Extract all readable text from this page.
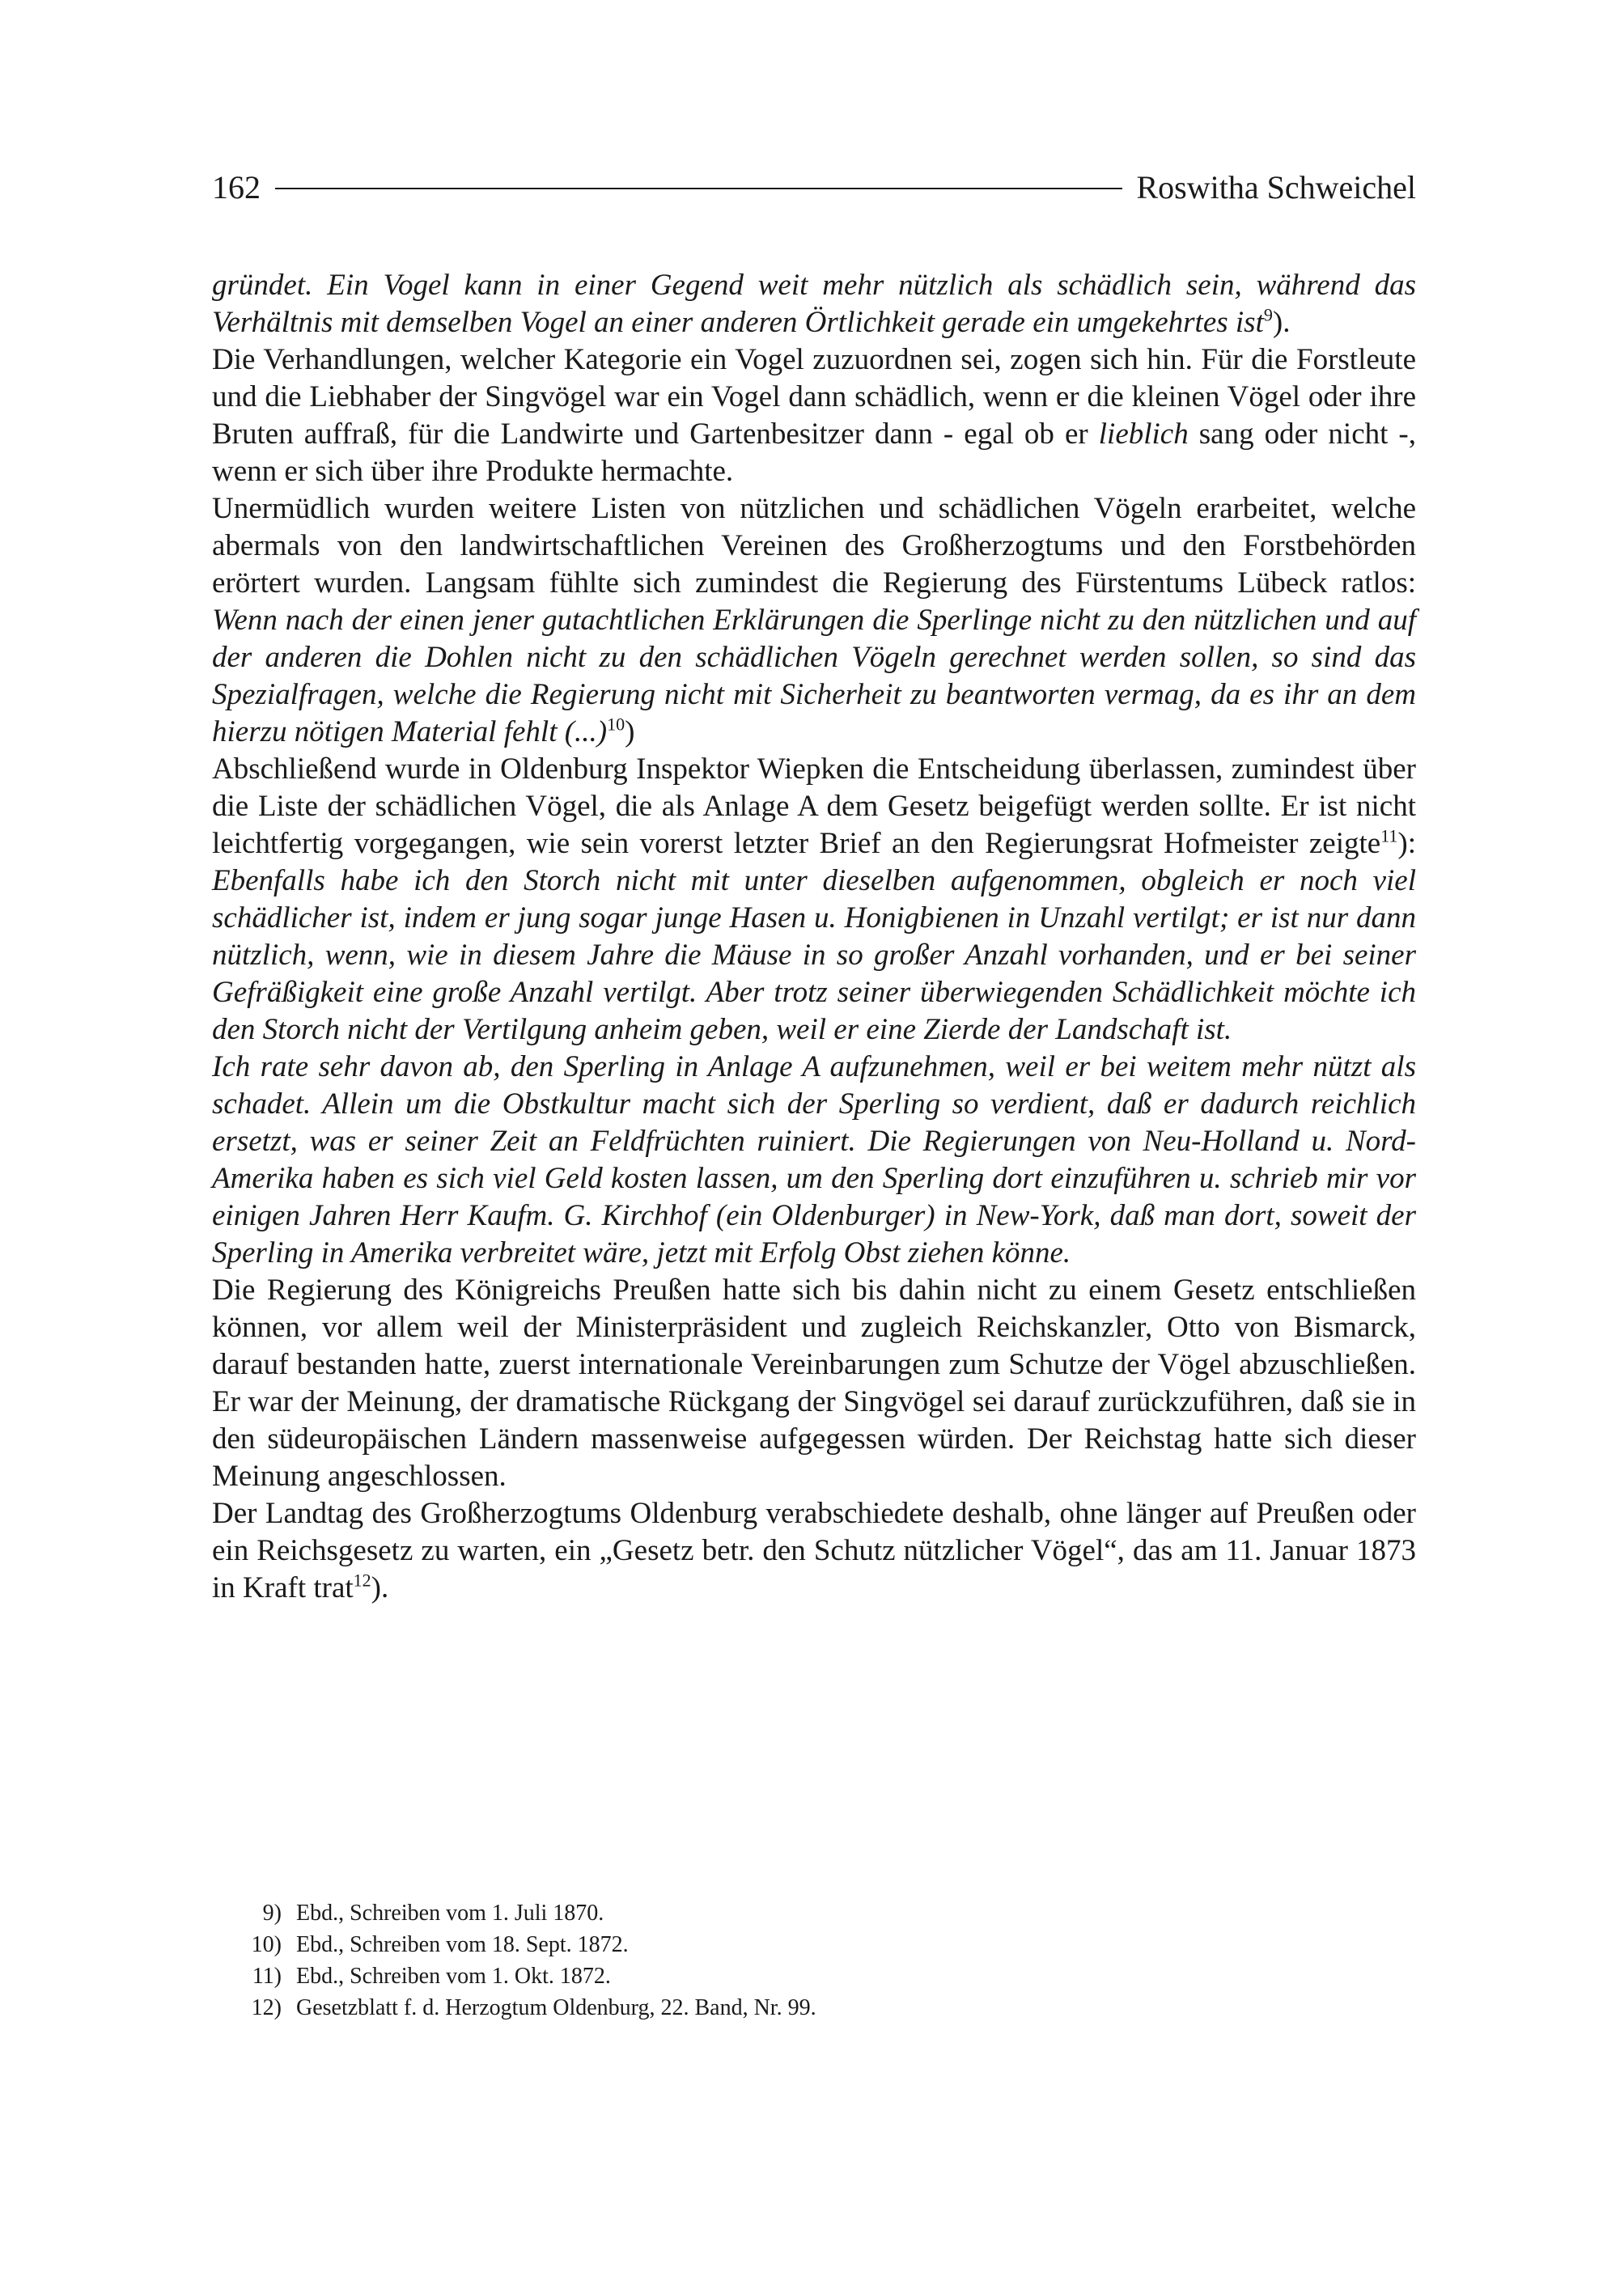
162	Roswitha Schweichel

gründet. Ein Vogel kann in einer Gegend weit mehr nützlich als schädlich sein, während das Verhältnis mit demselben Vogel an einer anderen Örtlichkeit gerade ein umgekehrtes ist$^9$).

Die Verhandlungen, welcher Kategorie ein Vogel zuzuordnen sei, zogen sich hin. Für die Forstleute und die Liebhaber der Singvögel war ein Vogel dann schädlich, wenn er die kleinen Vögel oder ihre Bruten auffraß, für die Landwirte und Gartenbesitzer dann - egal ob er lieblich sang oder nicht -, wenn er sich über ihre Produkte hermachte.

Unermüdlich wurden weitere Listen von nützlichen und schädlichen Vögeln erarbeitet, welche abermals von den landwirtschaftlichen Vereinen des Großherzogtums und den Forstbehörden erörtert wurden. Langsam fühlte sich zumindest die Regierung des Fürstentums Lübeck ratlos: Wenn nach der einen jener gutachtlichen Erklärungen die Sperlinge nicht zu den nützlichen und auf der anderen die Dohlen nicht zu den schädlichen Vögeln gerechnet werden sollen, so sind das Spezialfragen, welche die Regierung nicht mit Sicherheit zu beantworten vermag, da es ihr an dem hierzu nötigen Material fehlt (...)$^{10}$)

Abschließend wurde in Oldenburg Inspektor Wiepken die Entscheidung überlassen, zumindest über die Liste der schädlichen Vögel, die als Anlage A dem Gesetz beigefügt werden sollte. Er ist nicht leichtfertig vorgegangen, wie sein vorerst letzter Brief an den Regierungsrat Hofmeister zeigte$^{11}$): Ebenfalls habe ich den Storch nicht mit unter dieselben aufgenommen, obgleich er noch viel schädlicher ist, indem er jung sogar junge Hasen u. Honigbienen in Unzahl vertilgt; er ist nur dann nützlich, wenn, wie in diesem Jahre die Mäuse in so großer Anzahl vorhanden, und er bei seiner Gefräßigkeit eine große Anzahl vertilgt. Aber trotz seiner überwiegenden Schädlichkeit möchte ich den Storch nicht der Vertilgung anheim geben, weil er eine Zierde der Landschaft ist.

Ich rate sehr davon ab, den Sperling in Anlage A aufzunehmen, weil er bei weitem mehr nützt als schadet. Allein um die Obstkultur macht sich der Sperling so verdient, daß er dadurch reichlich ersetzt, was er seiner Zeit an Feldfrüchten ruiniert. Die Regierungen von Neu-Holland u. Nord-Amerika haben es sich viel Geld kosten lassen, um den Sperling dort einzuführen u. schrieb mir vor einigen Jahren Herr Kaufm. G. Kirchhof (ein Oldenburger) in New-York, daß man dort, soweit der Sperling in Amerika verbreitet wäre, jetzt mit Erfolg Obst ziehen könne.

Die Regierung des Königreichs Preußen hatte sich bis dahin nicht zu einem Gesetz entschließen können, vor allem weil der Ministerpräsident und zugleich Reichskanzler, Otto von Bismarck, darauf bestanden hatte, zuerst internationale Vereinbarungen zum Schutze der Vögel abzuschließen. Er war der Meinung, der dramatische Rückgang der Singvögel sei darauf zurückzuführen, daß sie in den südeuropäischen Ländern massenweise aufgegessen würden. Der Reichstag hatte sich dieser Meinung angeschlossen.

Der Landtag des Großherzogtums Oldenburg verabschiedete deshalb, ohne länger auf Preußen oder ein Reichsgesetz zu warten, ein „Gesetz betr. den Schutz nützlicher Vögel“, das am 11. Januar 1873 in Kraft trat$^{12}$).

9) Ebd., Schreiben vom 1. Juli 1870.
10) Ebd., Schreiben vom 18. Sept. 1872.
11) Ebd., Schreiben vom 1. Okt. 1872.
12) Gesetzblatt f. d. Herzogtum Oldenburg, 22. Band, Nr. 99.
